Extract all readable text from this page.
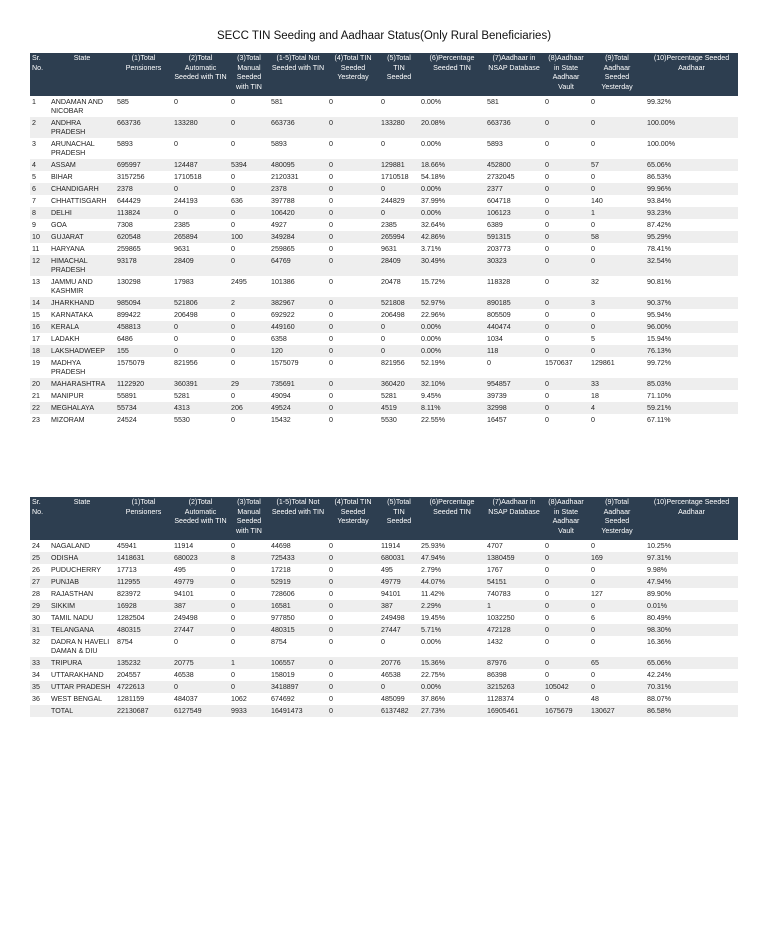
SECC TIN Seeding and Aadhaar Status(Only Rural Beneficiaries)
Sr. No.	State	(1)Total Pensioners	(2)Total Automatic Seeded with TIN	(3)Total Manual Seeded with TIN	(1-5)Total Not Seeded with TIN	(4)Total TIN Seeded Yesterday	(5)Total TIN Seeded	(6)Percentage Seeded TIN	(7)Aadhaar in NSAP Database	(8)Aadhaar in State Aadhaar Vault	(9)Total Aadhaar Seeded Yesterday	(10)Percentage Seeded Aadhaar
1	ANDAMAN AND NICOBAR	585	0	0	581	0	0	0.00%	581	0	0	99.32%
2	ANDHRA PRADESH	663736	133280	0	663736	0	133280	20.08%	663736	0	0	100.00%
3	ARUNACHAL PRADESH	5893	0	0	5893	0	0	0.00%	5893	0	0	100.00%
4	ASSAM	695997	124487	5394	480095	0	129881	18.66%	452800	0	57	65.06%
5	BIHAR	3157256	1710518	0	2120331	0	1710518	54.18%	2732045	0	0	86.53%
6	CHANDIGARH	2378	0	0	2378	0	0	0.00%	2377	0	0	99.96%
7	CHHATTISGARH	644429	244193	636	397788	0	244829	37.99%	604718	0	140	93.84%
8	DELHI	113824	0	0	106420	0	0	0.00%	106123	0	1	93.23%
9	GOA	7308	2385	0	4927	0	2385	32.64%	6389	0	0	87.42%
10	GUJARAT	620548	265894	100	349284	0	265994	42.86%	591315	0	58	95.29%
11	HARYANA	259865	9631	0	259865	0	9631	3.71%	203773	0	0	78.41%
12	HIMACHAL PRADESH	93178	28409	0	64769	0	28409	30.49%	30323	0	0	32.54%
13	JAMMU AND KASHMIR	130298	17983	2495	101386	0	20478	15.72%	118328	0	32	90.81%
14	JHARKHAND	985094	521806	2	382967	0	521808	52.97%	890185	0	3	90.37%
15	KARNATAKA	899422	206498	0	692922	0	206498	22.96%	805509	0	0	95.94%
16	KERALA	458813	0	0	449160	0	0	0.00%	440474	0	0	96.00%
17	LADAKH	6486	0	0	6358	0	0	0.00%	1034	0	5	15.94%
18	LAKSHADWEEP	155	0	0	120	0	0	0.00%	118	0	0	76.13%
19	MADHYA PRADESH	1575079	821956	0	1575079	0	821956	52.19%	0	1570637	129861	99.72%
20	MAHARASHTRA	1122920	360391	29	735691	0	360420	32.10%	954857	0	33	85.03%
21	MANIPUR	55891	5281	0	49094	0	5281	9.45%	39739	0	18	71.10%
22	MEGHALAYA	55734	4313	206	49524	0	4519	8.11%	32998	0	4	59.21%
23	MIZORAM	24524	5530	0	15432	0	5530	22.55%	16457	0	0	67.11%
Sr. No.	State	(1)Total Pensioners	(2)Total Automatic Seeded with TIN	(3)Total Manual Seeded with TIN	(1-5)Total Not Seeded with TIN	(4)Total TIN Seeded Yesterday	(5)Total TIN Seeded	(6)Percentage Seeded TIN	(7)Aadhaar in NSAP Database	(8)Aadhaar in State Aadhaar Vault	(9)Total Aadhaar Seeded Yesterday	(10)Percentage Seeded Aadhaar
24	NAGALAND	45941	11914	0	44698	0	11914	25.93%	4707	0	0	10.25%
25	ODISHA	1418631	680023	8	725433	0	680031	47.94%	1380459	0	169	97.31%
26	PUDUCHERRY	17713	495	0	17218	0	495	2.79%	1767	0	0	9.98%
27	PUNJAB	112955	49779	0	52919	0	49779	44.07%	54151	0	0	47.94%
28	RAJASTHAN	823972	94101	0	728606	0	94101	11.42%	740783	0	127	89.90%
29	SIKKIM	16928	387	0	16581	0	387	2.29%	1	0	0	0.01%
30	TAMIL NADU	1282504	249498	0	977850	0	249498	19.45%	1032250	0	6	80.49%
31	TELANGANA	480315	27447	0	480315	0	27447	5.71%	472128	0	0	98.30%
32	DADRA N HAVELI DAMAN & DIU	8754	0	0	8754	0	0	0.00%	1432	0	0	16.36%
33	TRIPURA	135232	20775	1	106557	0	20776	15.36%	87976	0	65	65.06%
34	UTTARAKHAND	204557	46538	0	158019	0	46538	22.75%	86398	0	0	42.24%
35	UTTAR PRADESH	4722613	0	0	3418897	0	0	0.00%	3215263	105042	0	70.31%
36	WEST BENGAL	1281159	484037	1062	674692	0	485099	37.86%	1128374	0	48	88.07%
	TOTAL	22130687	6127549	9933	16491473	0	6137482	27.73%	16905461	1675679	130627	86.58%
